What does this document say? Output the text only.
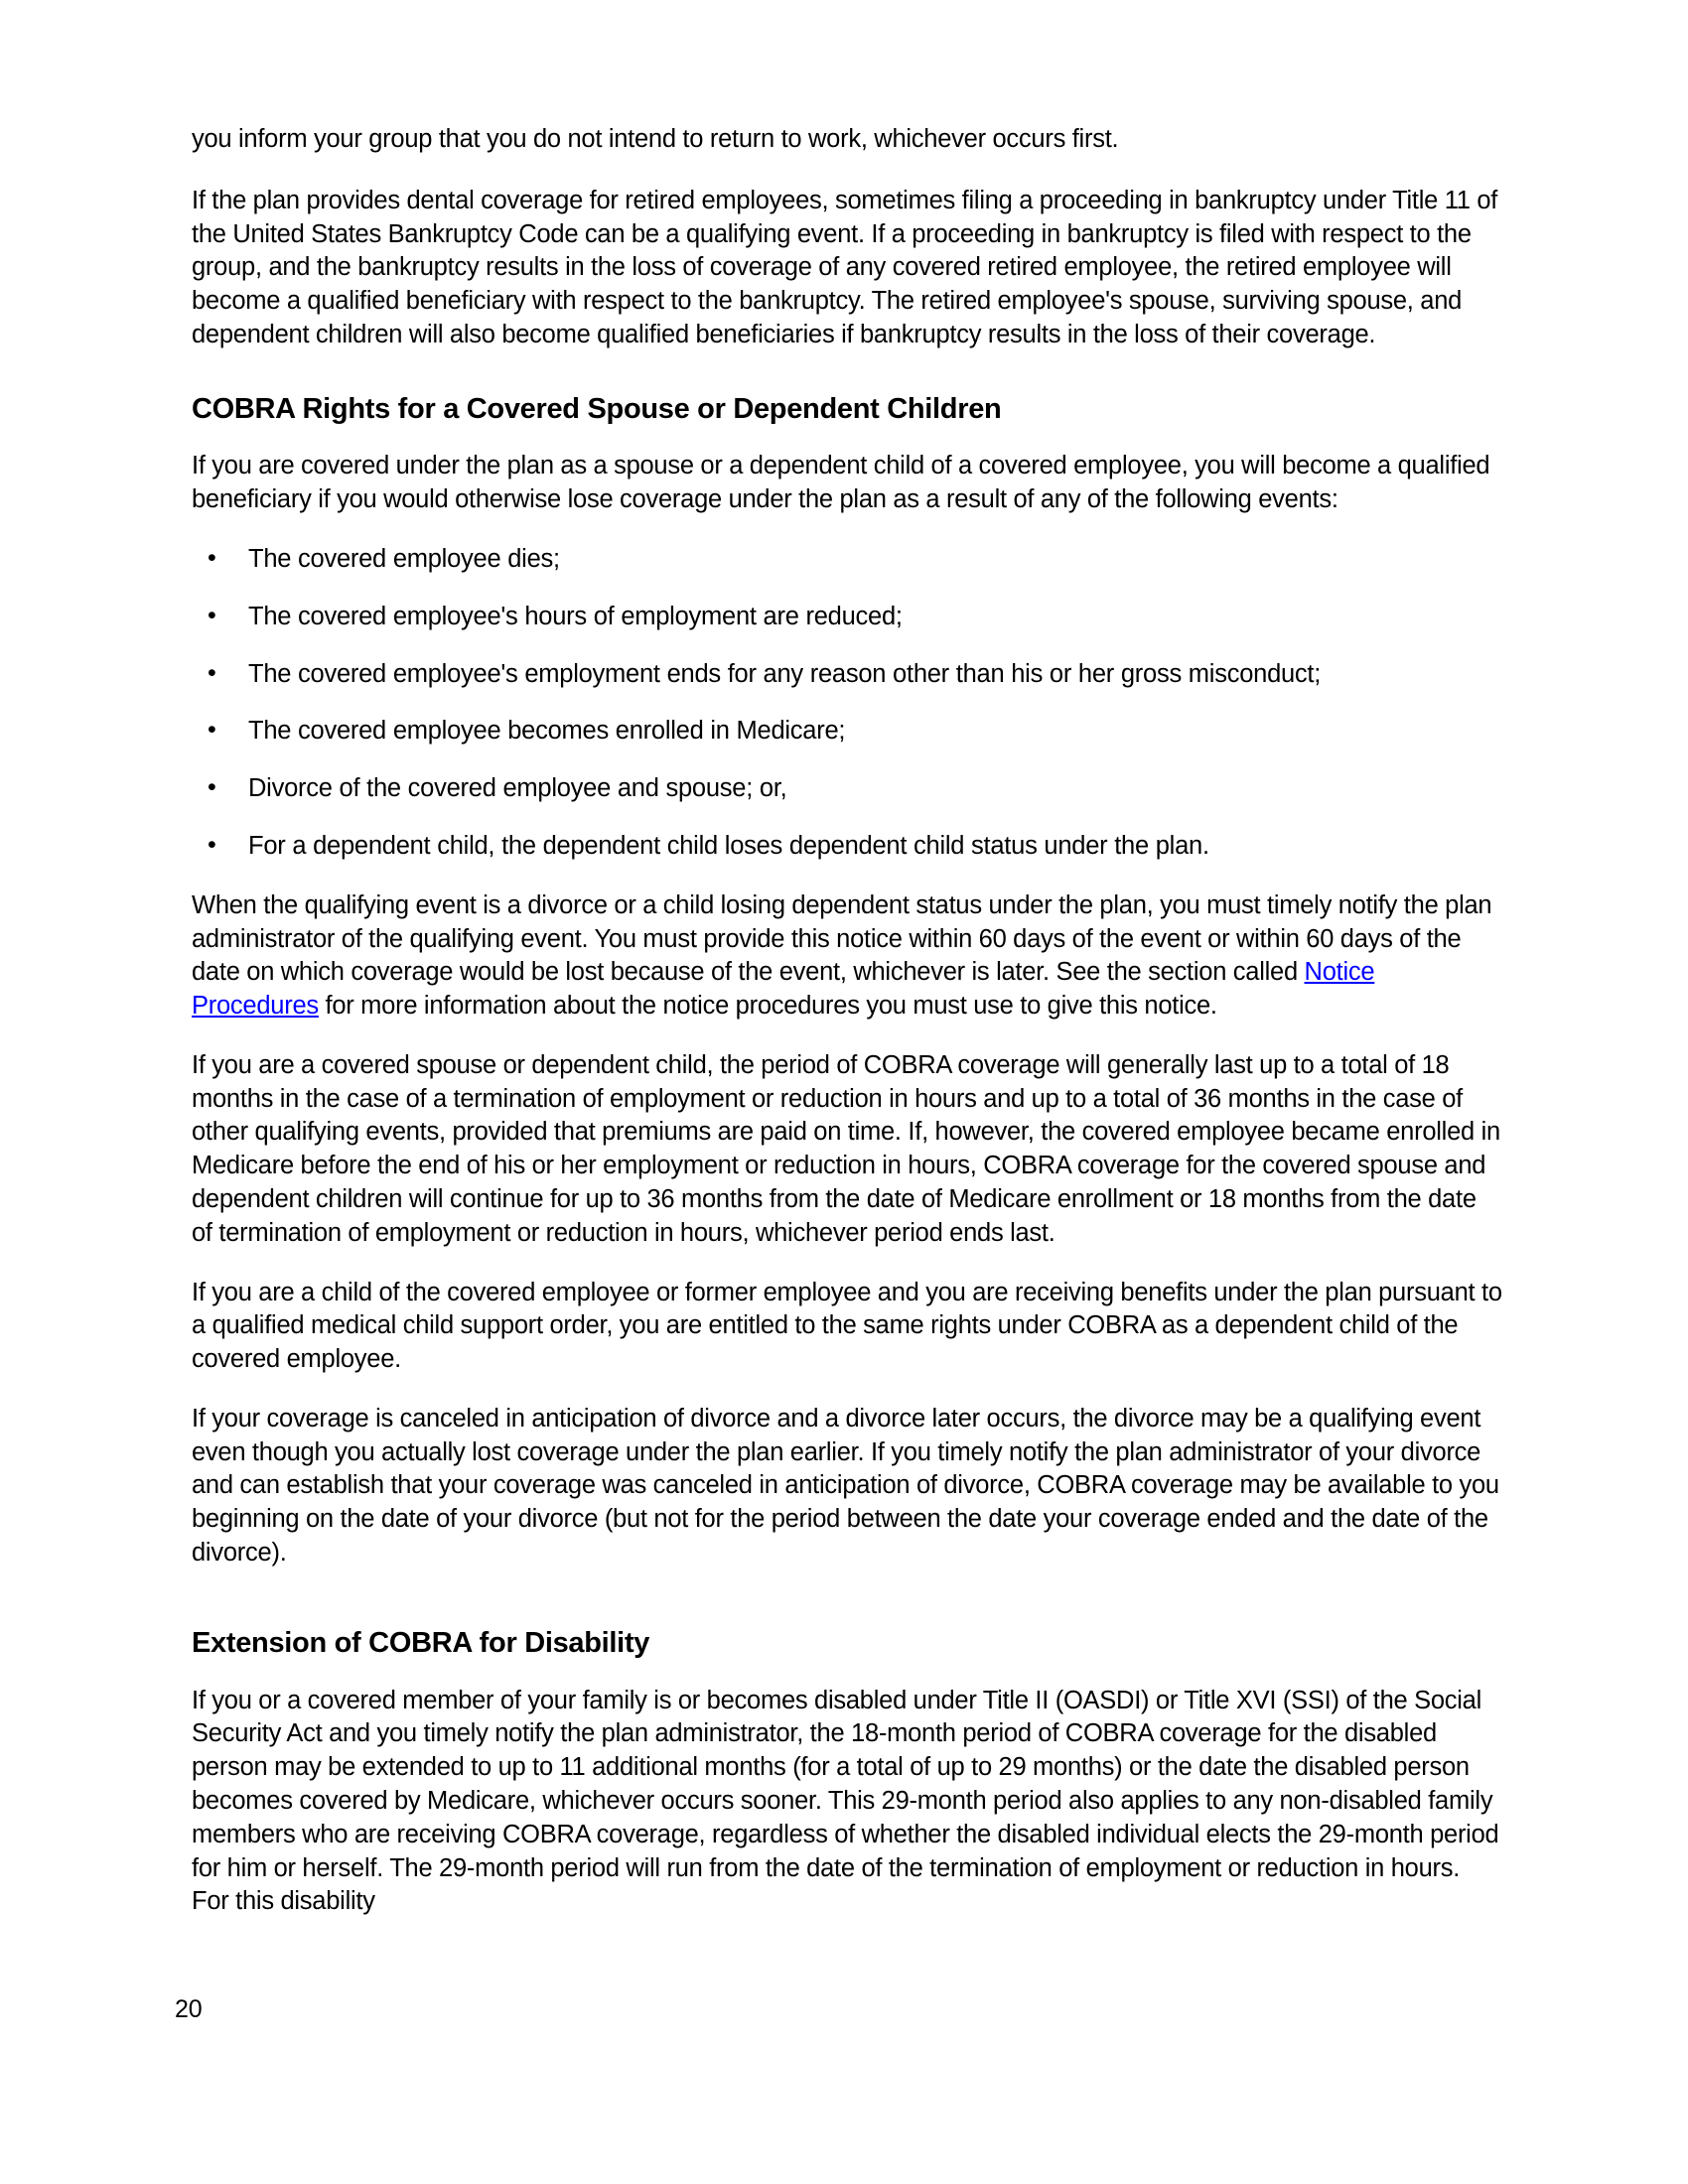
you inform your group that you do not intend to return to work, whichever occurs first.

If the plan provides dental coverage for retired employees, sometimes filing a proceeding in bankruptcy under Title 11 of the United States Bankruptcy Code can be a qualifying event. If a proceeding in bankruptcy is filed with respect to the group, and the bankruptcy results in the loss of coverage of any covered retired employee, the retired employee will become a qualified beneficiary with respect to the bankruptcy. The retired employee's spouse, surviving spouse, and dependent children will also become qualified beneficiaries if bankruptcy results in the loss of their coverage.

COBRA Rights for a Covered Spouse or Dependent Children

If you are covered under the plan as a spouse or a dependent child of a covered employee, you will become a qualified beneficiary if you would otherwise lose coverage under the plan as a result of any of the following events:

• The covered employee dies;
• The covered employee's hours of employment are reduced;
• The covered employee's employment ends for any reason other than his or her gross misconduct;
• The covered employee becomes enrolled in Medicare;
• Divorce of the covered employee and spouse; or,
• For a dependent child, the dependent child loses dependent child status under the plan.

When the qualifying event is a divorce or a child losing dependent status under the plan, you must timely notify the plan administrator of the qualifying event. You must provide this notice within 60 days of the event or within 60 days of the date on which coverage would be lost because of the event, whichever is later. See the section called Notice Procedures for more information about the notice procedures you must use to give this notice.

If you are a covered spouse or dependent child, the period of COBRA coverage will generally last up to a total of 18 months in the case of a termination of employment or reduction in hours and up to a total of 36 months in the case of other qualifying events, provided that premiums are paid on time. If, however, the covered employee became enrolled in Medicare before the end of his or her employment or reduction in hours, COBRA coverage for the covered spouse and dependent children will continue for up to 36 months from the date of Medicare enrollment or 18 months from the date of termination of employment or reduction in hours, whichever period ends last.

If you are a child of the covered employee or former employee and you are receiving benefits under the plan pursuant to a qualified medical child support order, you are entitled to the same rights under COBRA as a dependent child of the covered employee.

If your coverage is canceled in anticipation of divorce and a divorce later occurs, the divorce may be a qualifying event even though you actually lost coverage under the plan earlier. If you timely notify the plan administrator of your divorce and can establish that your coverage was canceled in anticipation of divorce, COBRA coverage may be available to you beginning on the date of your divorce (but not for the period between the date your coverage ended and the date of the divorce).

Extension of COBRA for Disability

If you or a covered member of your family is or becomes disabled under Title II (OASDI) or Title XVI (SSI) of the Social Security Act and you timely notify the plan administrator, the 18-month period of COBRA coverage for the disabled person may be extended to up to 11 additional months (for a total of up to 29 months) or the date the disabled person becomes covered by Medicare, whichever occurs sooner. This 29-month period also applies to any non-disabled family members who are receiving COBRA coverage, regardless of whether the disabled individual elects the 29-month period for him or herself. The 29-month period will run from the date of the termination of employment or reduction in hours. For this disability

20
